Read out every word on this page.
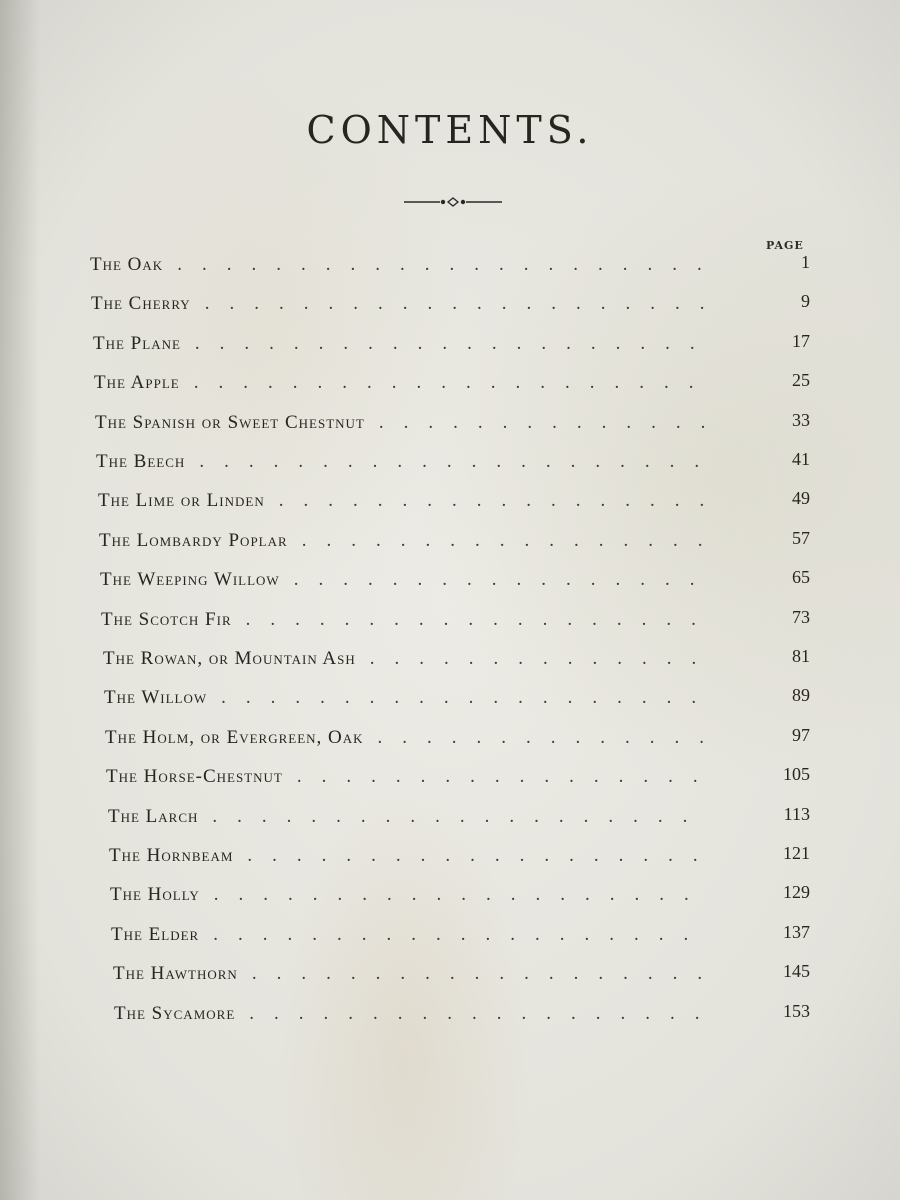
CONTENTS.
PAGE
The Oak ......................	1
The Cherry .....................	9
The Plane .....................	17
The Apple .....................	25
The Spanish or Sweet Chestnut ..............	33
The Beech .....................	41
The Lime or Linden ..................	49
The Lombardy Poplar .................	57
The Weeping Willow .................	65
The Scotch Fir ...................	73
The Rowan, or Mountain Ash ..............	81
The Willow ....................	89
The Holm, or Evergreen, Oak ..............	97
The Horse-Chestnut .................	105
The Larch ....................	113
The Hornbeam ...................	121
The Holly ....................	129
The Elder ....................	137
The Hawthorn ...................	145
The Sycamore ...................	153
